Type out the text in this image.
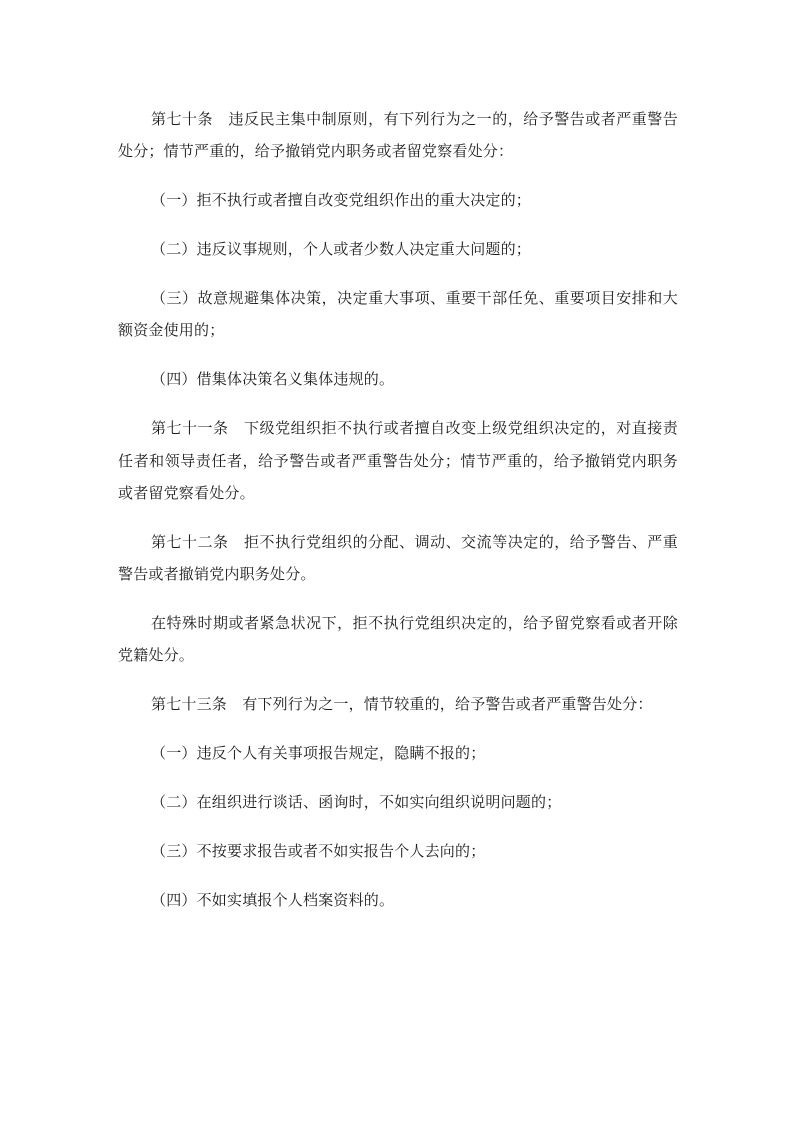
第七十条　违反民主集中制原则，有下列行为之一的，给予警告或者严重警告处分；情节严重的，给予撤销党内职务或者留党察看处分：

（一）拒不执行或者擅自改变党组织作出的重大决定的；

（二）违反议事规则，个人或者少数人决定重大问题的；

（三）故意规避集体决策，决定重大事项、重要干部任免、重要项目安排和大额资金使用的；

（四）借集体决策名义集体违规的。

第七十一条　下级党组织拒不执行或者擅自改变上级党组织决定的，对直接责任者和领导责任者，给予警告或者严重警告处分；情节严重的，给予撤销党内职务或者留党察看处分。

第七十二条　拒不执行党组织的分配、调动、交流等决定的，给予警告、严重警告或者撤销党内职务处分。

在特殊时期或者紧急状况下，拒不执行党组织决定的，给予留党察看或者开除党籍处分。

第七十三条　有下列行为之一，情节较重的，给予警告或者严重警告处分：

（一）违反个人有关事项报告规定，隐瞒不报的；

（二）在组织进行谈话、函询时，不如实向组织说明问题的；

（三）不按要求报告或者不如实报告个人去向的；

（四）不如实填报个人档案资料的。
